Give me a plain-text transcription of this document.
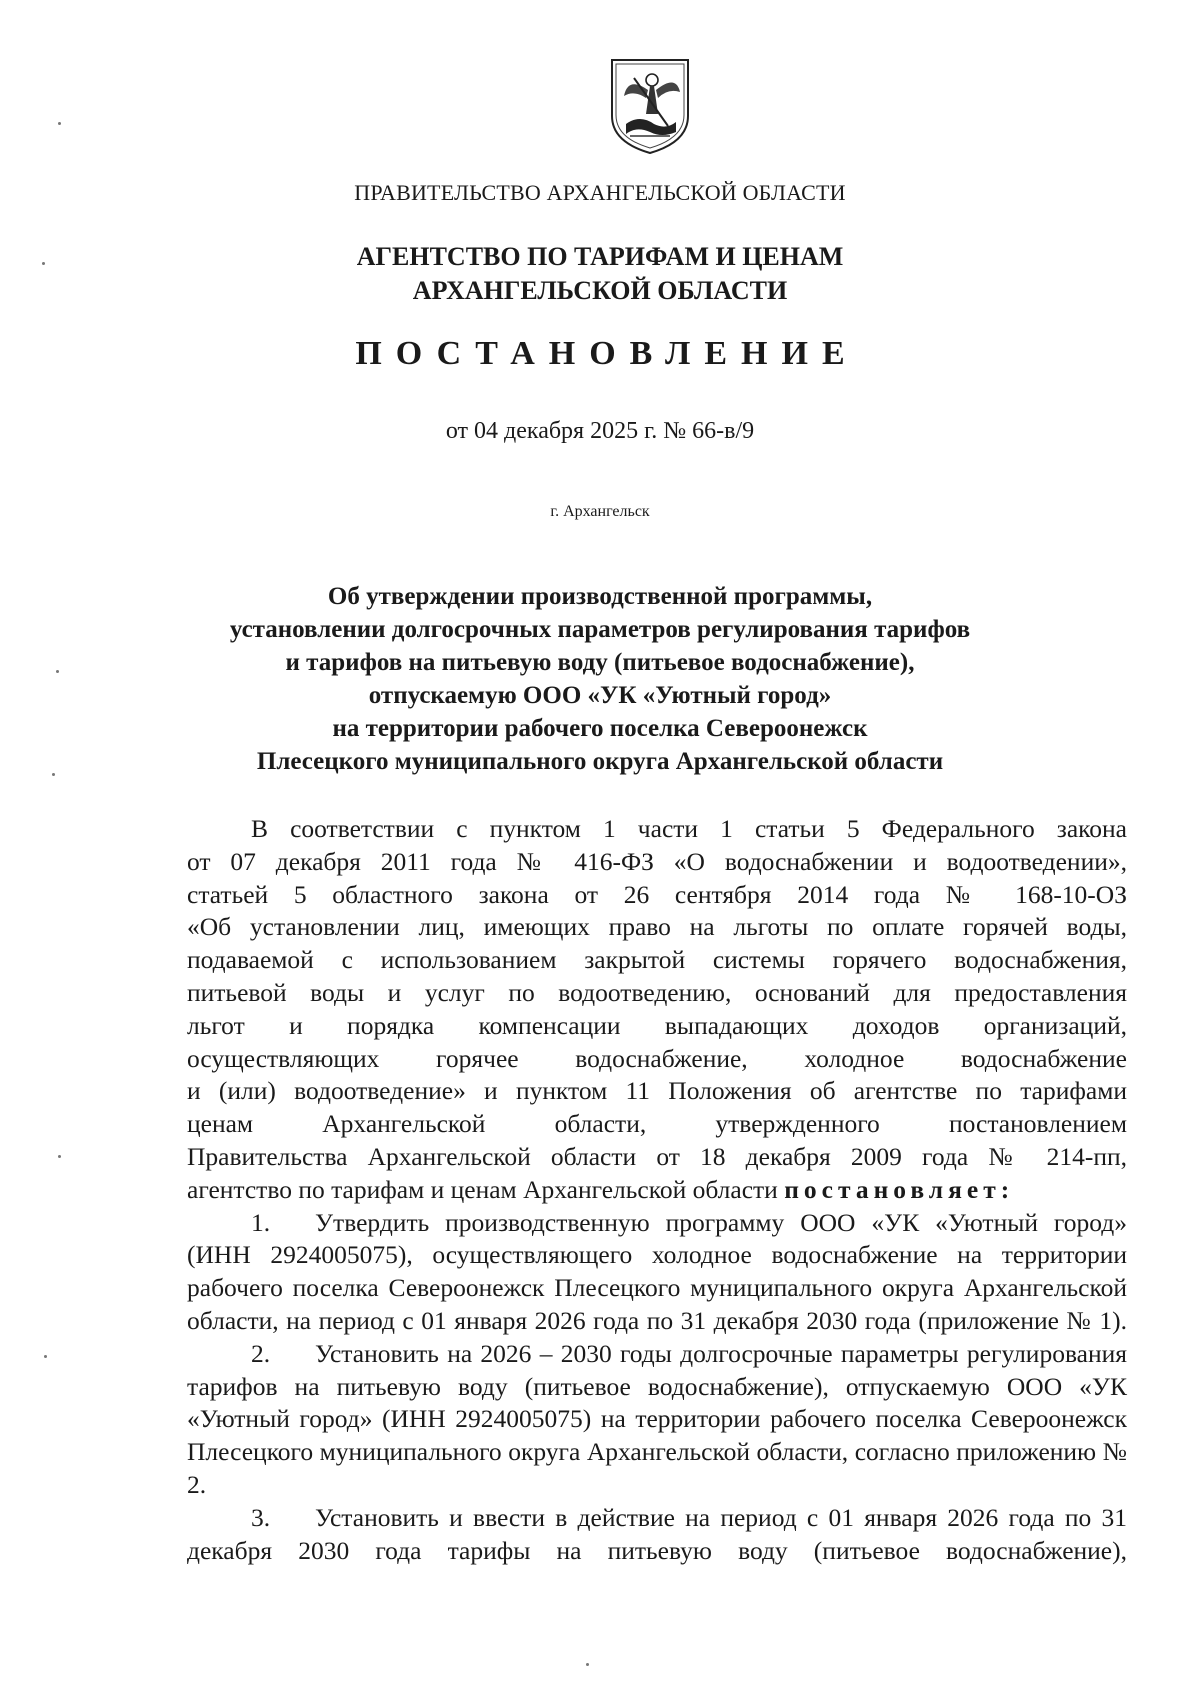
ПРАВИТЕЛЬСТВО АРХАНГЕЛЬСКОЙ ОБЛАСТИ
АГЕНТСТВО ПО ТАРИФАМ И ЦЕНАМ
АРХАНГЕЛЬСКОЙ ОБЛАСТИ
ПОСТАНОВЛЕНИЕ
от 04 декабря 2025 г. № 66-в/9
г. Архангельск
Об утверждении производственной программы,
установлении долгосрочных параметров регулирования тарифов
и тарифов на питьевую воду (питьевое водоснабжение),
отпускаемую ООО «УК «Уютный город»
на территории рабочего поселка Североонежск
Плесецкого муниципального округа Архангельской области

В соответствии с пунктом 1 части 1 статьи 5 Федерального закона

от 07 декабря 2011 года № 416-ФЗ «О водоснабжении и водоотведении»,

статьей 5 областного закона от 26 сентября 2014 года № 168-10-ОЗ

«Об установлении лиц, имеющих право на льготы по оплате горячей воды,

подаваемой с использованием закрытой системы горячего водоснабжения,

питьевой воды и услуг по водоотведению, оснований для предоставления

льгот и порядка компенсации выпадающих доходов организаций,

осуществляющих горячее водоснабжение, холодное водоснабжение

и (или) водоотведение» и пунктом 11 Положения об агентстве по тарифами

ценам Архангельской области, утвержденного постановлением

Правительства Архангельской области от 18 декабря 2009 года № 214-пп,

агентство по тарифам и ценам Архангельской области постановляет:

1. Утвердить производственную программу ООО «УК «Уютный город» (ИНН 2924005075), осуществляющего холодное водоснабжение на территории рабочего поселка Североонежск Плесецкого муниципального округа Архангельской области, на период с 01 января 2026 года по 31 декабря 2030 года (приложение № 1).

2. Установить на 2026 – 2030 годы долгосрочные параметры регулирования тарифов на питьевую воду (питьевое водоснабжение), отпускаемую ООО «УК «Уютный город» (ИНН 2924005075) на территории рабочего поселка Североонежск Плесецкого муниципального округа Архангельской области, согласно приложению № 2.

3. Установить и ввести в действие на период с 01 января 2026 года по 31 декабря 2030 года тарифы на питьевую воду (питьевое водоснабжение),
